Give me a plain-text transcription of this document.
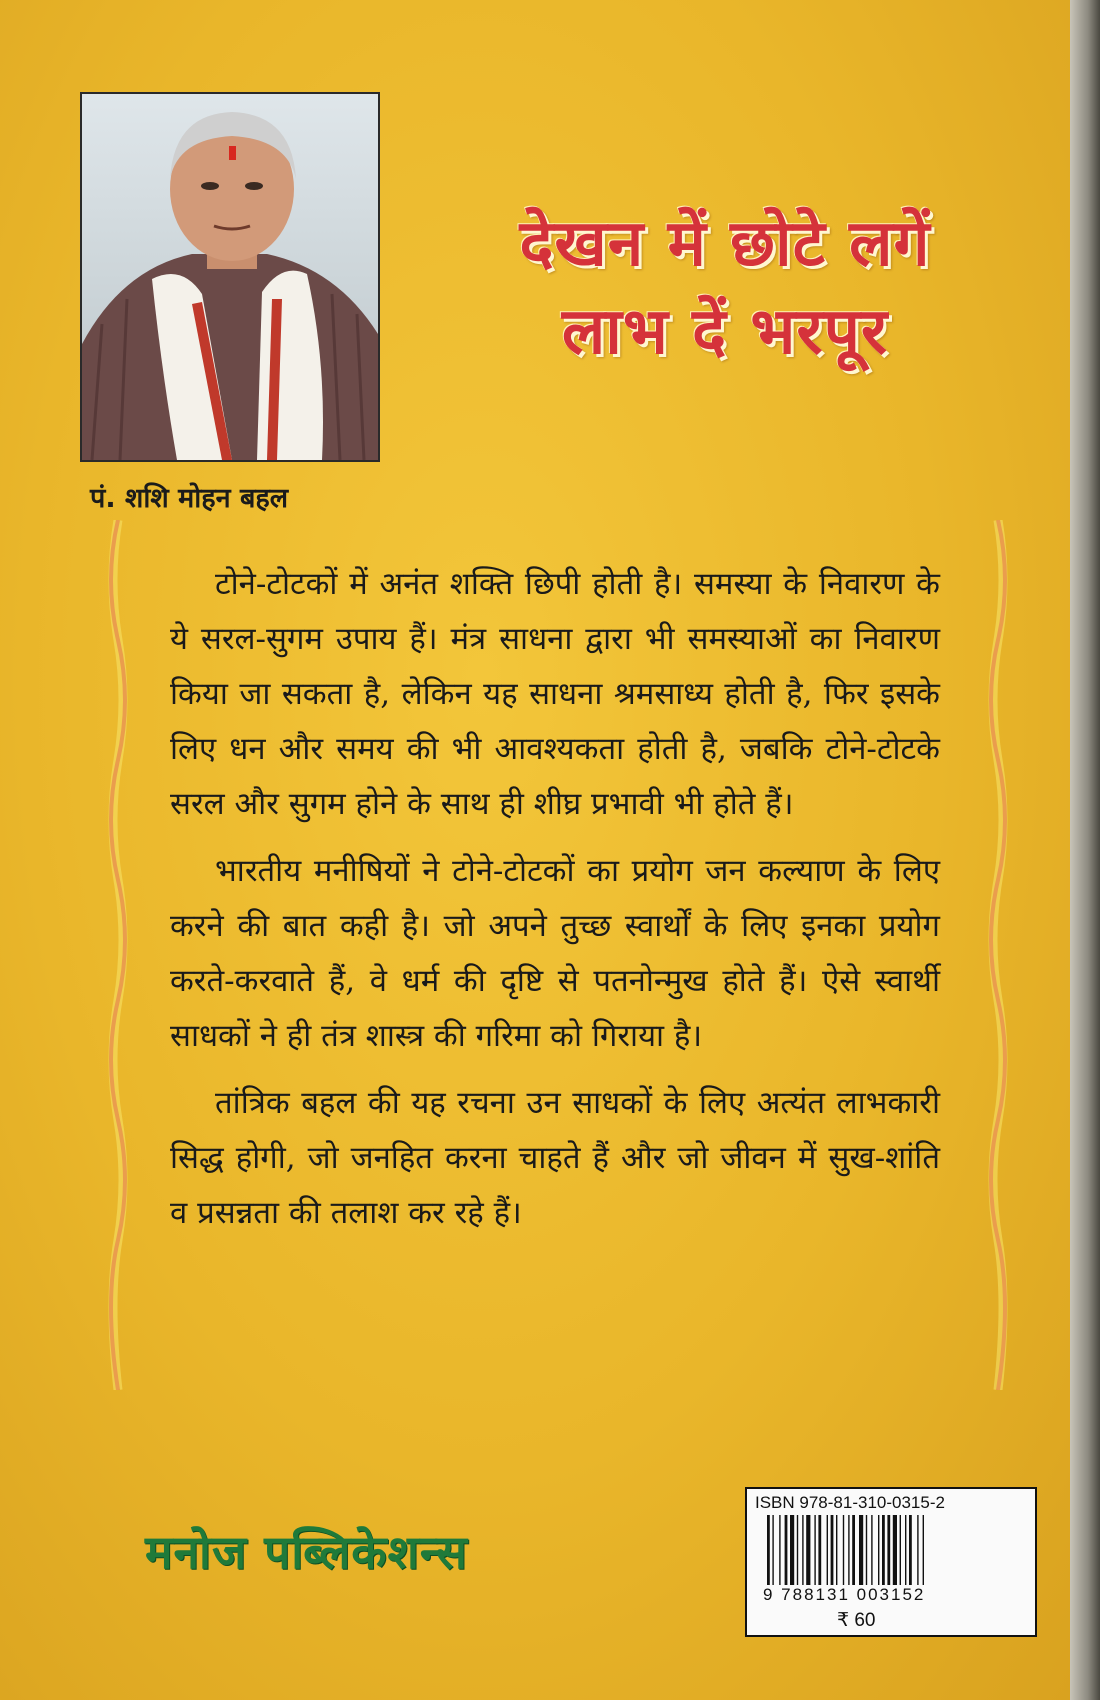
पं. शशि मोहन बहल
देखन में छोटे लगें
लाभ दें भरपूर

टोने-टोटकों में अनंत शक्ति छिपी होती है। समस्या के निवारण के ये सरल-सुगम उपाय हैं। मंत्र साधना द्वारा भी समस्याओं का निवारण किया जा सकता है, लेकिन यह साधना श्रमसाध्य होती है, फिर इसके लिए धन और समय की भी आवश्यकता होती है, जबकि टोने-टोटके सरल और सुगम होने के साथ ही शीघ्र प्रभावी भी होते हैं।

भारतीय मनीषियों ने टोने-टोटकों का प्रयोग जन कल्याण के लिए करने की बात कही है। जो अपने तुच्छ स्वार्थों के लिए इनका प्रयोग करते-करवाते हैं, वे धर्म की दृष्टि से पतनोन्मुख होते हैं। ऐसे स्वार्थी साधकों ने ही तंत्र शास्त्र की गरिमा को गिराया है।

तांत्रिक बहल की यह रचना उन साधकों के लिए अत्यंत लाभकारी सिद्ध होगी, जो जनहित करना चाहते हैं और जो जीवन में सुख-शांति व प्रसन्नता की तलाश कर रहे हैं।

मनोज पब्लिकेशन्स
ISBN 978-81-310-0315-2
9 788131 003152
₹ 60
